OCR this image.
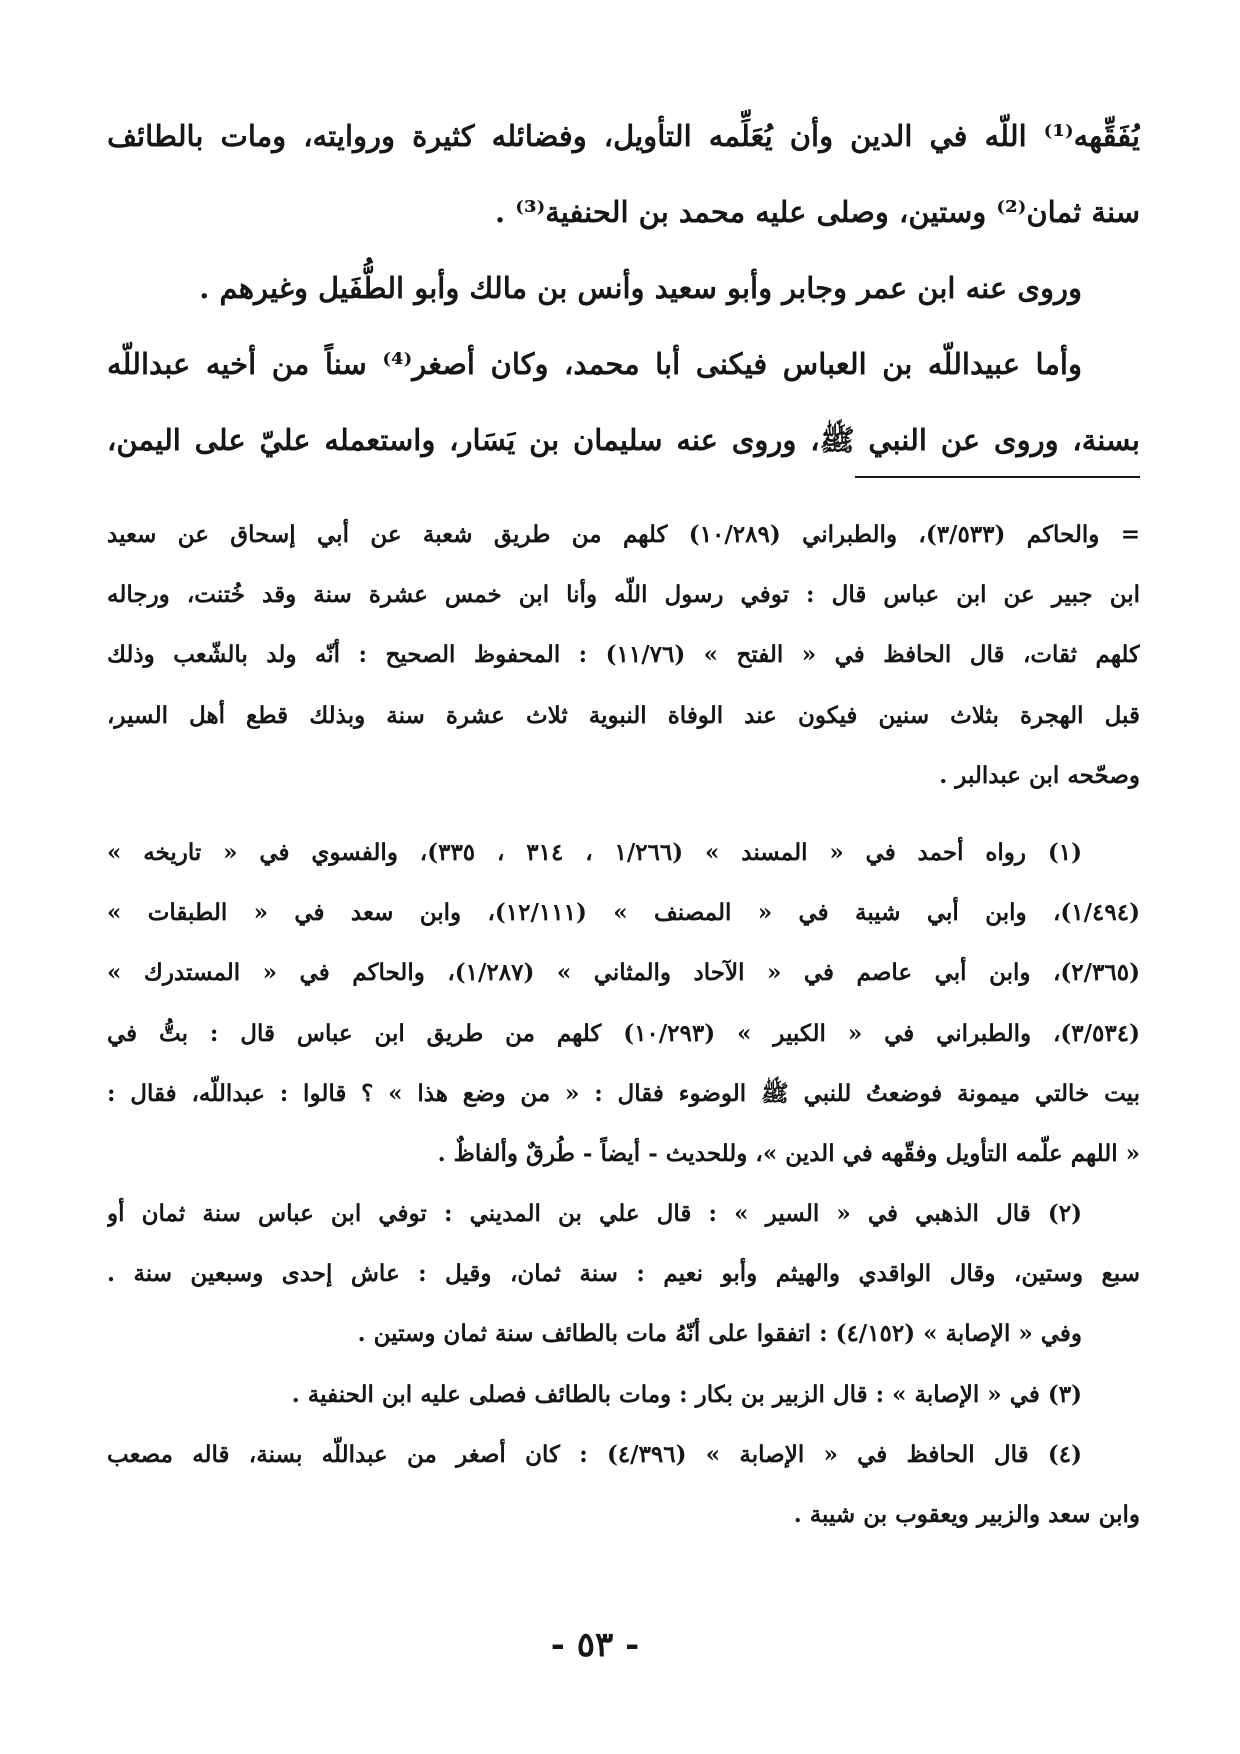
يُفَقِّهه⁽¹⁾ اللّه في الدين وأن يُعَلِّمه التأويل، وفضائله كثيرة وروايته، ومات بالطائف
سنة ثمان⁽²⁾ وستين، وصلى عليه محمد بن الحنفية⁽³⁾ .
وروى عنه ابن عمر وجابر وأبو سعيد وأنس بن مالك وأبو الطُّفَيل وغيرهم .
وأما عبيداللّه بن العباس فيكنى أبا محمد، وكان أصغر⁽⁴⁾ سناً من أخيه عبداللّه
بسنة، وروى عن النبي ﷺ، وروى عنه سليمان بن يَسَار، واستعمله عليّ على اليمن،
= والحاكم (٣/٥٣٣)، والطبراني (١٠/٢٨٩) كلهم من طريق شعبة عن أبي إسحاق عن سعيد
ابن جبير عن ابن عباس قال : توفي رسول اللّه وأنا ابن خمس عشرة سنة وقد خُتنت، ورجاله
كلهم ثقات، قال الحافظ في « الفتح » (١١/٧٦) : المحفوظ الصحيح : أنّه ولد بالشّعب وذلك
قبل الهجرة بثلاث سنين فيكون عند الوفاة النبوية ثلاث عشرة سنة وبذلك قطع أهل السير،
وصحّحه ابن عبدالبر .
(١) رواه أحمد في « المسند » (١/٢٦٦ ، ٣١٤ ، ٣٣٥)، والفسوي في « تاريخه »
(١/٤٩٤)، وابن أبي شيبة في « المصنف » (١٢/١١١)، وابن سعد في « الطبقات »
(٢/٣٦٥)، وابن أبي عاصم في « الآحاد والمثاني » (١/٢٨٧)، والحاكم في « المستدرك »
(٣/٥٣٤)، والطبراني في « الكبير » (١٠/٢٩٣) كلهم من طريق ابن عباس قال : بتُّ في
بيت خالتي ميمونة فوضعتُ للنبي ﷺ الوضوء فقال : « من وضع هذا » ؟ قالوا : عبداللّه، فقال :
« اللهم علّمه التأويل وفقّهه في الدين »، وللحديث - أيضاً - طُرقٌ وألفاظٌ .
(٢) قال الذهبي في « السير » : قال علي بن المديني : توفي ابن عباس سنة ثمان أو
سبع وستين، وقال الواقدي والهيثم وأبو نعيم : سنة ثمان، وقيل : عاش إحدى وسبعين سنة .
وفي « الإصابة » (٤/١٥٢) : اتفقوا على أنّهُ مات بالطائف سنة ثمان وستين .
(٣) في « الإصابة » : قال الزبير بن بكار : ومات بالطائف فصلى عليه ابن الحنفية .
(٤) قال الحافظ في « الإصابة » (٤/٣٩٦) : كان أصغر من عبداللّه بسنة، قاله مصعب
وابن سعد والزبير ويعقوب بن شيبة .
- ٥٣ -
